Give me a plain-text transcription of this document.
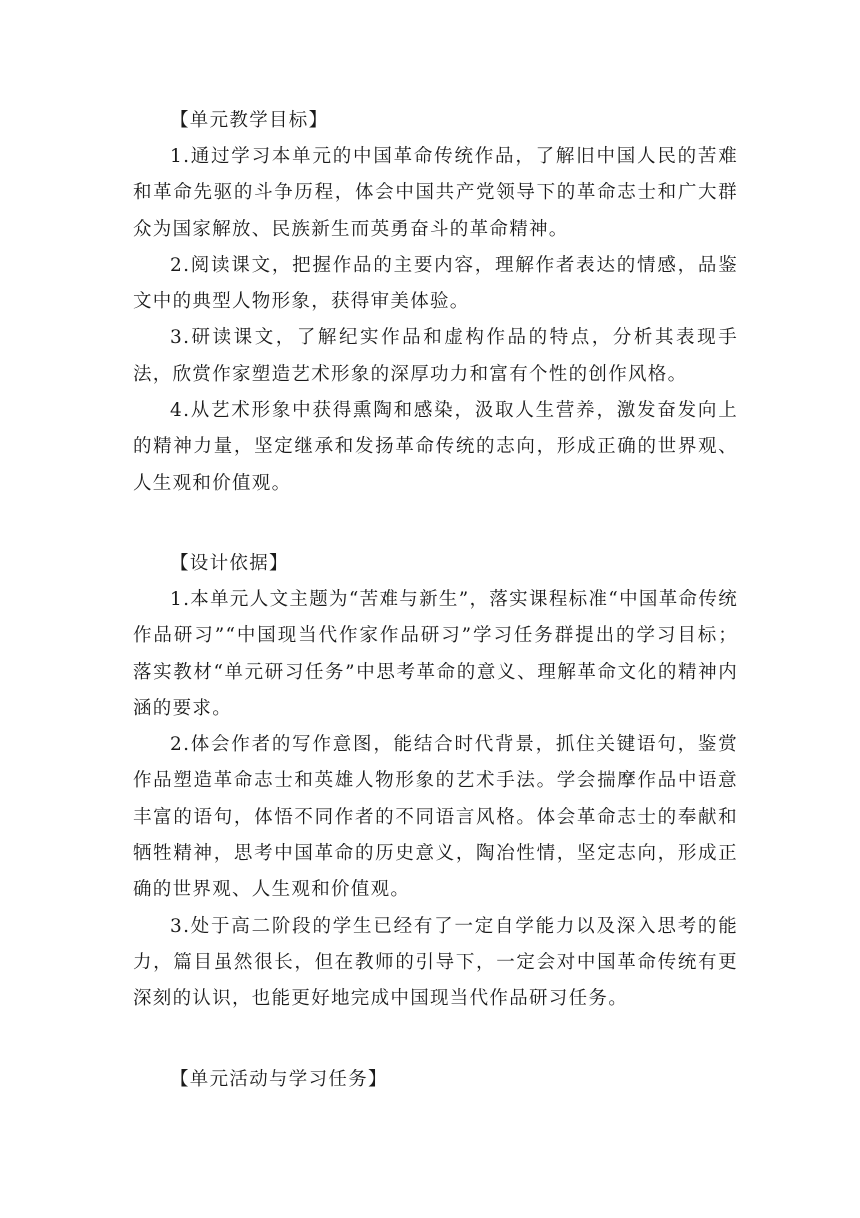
【单元教学目标】

1.通过学习本单元的中国革命传统作品，了解旧中国人民的苦难和革命先驱的斗争历程，体会中国共产党领导下的革命志士和广大群众为国家解放、民族新生而英勇奋斗的革命精神。

2.阅读课文，把握作品的主要内容，理解作者表达的情感，品鉴文中的典型人物形象，获得审美体验。

3.研读课文，了解纪实作品和虚构作品的特点，分析其表现手法，欣赏作家塑造艺术形象的深厚功力和富有个性的创作风格。

4.从艺术形象中获得熏陶和感染，汲取人生营养，激发奋发向上的精神力量，坚定继承和发扬革命传统的志向，形成正确的世界观、人生观和价值观。

【设计依据】

1.本单元人文主题为“苦难与新生”，落实课程标准“中国革命传统作品研习”“中国现当代作家作品研习”学习任务群提出的学习目标；落实教材“单元研习任务”中思考革命的意义、理解革命文化的精神内涵的要求。

2.体会作者的写作意图，能结合时代背景，抓住关键语句，鉴赏作品塑造革命志士和英雄人物形象的艺术手法。学会揣摩作品中语意丰富的语句，体悟不同作者的不同语言风格。体会革命志士的奉献和牺牲精神，思考中国革命的历史意义，陶冶性情，坚定志向，形成正确的世界观、人生观和价值观。

3.处于高二阶段的学生已经有了一定自学能力以及深入思考的能力，篇目虽然很长，但在教师的引导下，一定会对中国革命传统有更深刻的认识，也能更好地完成中国现当代作品研习任务。

【单元活动与学习任务】
